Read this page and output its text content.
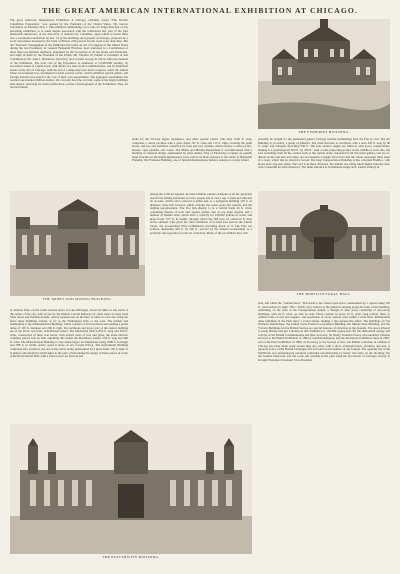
THE GREAT AMERICAN INTERNATIONAL EXHIBITION AT CHICAGO.

The great American International Exhibition at Chicago, officially styled "The World's Columbian Exposition," was opened by the President of the United States, Mr. Grover Cleveland, on Monday, May 1. This immense undertaking, on a scale far larger than that of any preceding exhibition, is to some degree associated with the celebration last year of the four hundredth anniversary of the discovery of America by Columbus, upon which occasion there was a ceremonial dedication on Oct. 12 of the buildings and grounds at Chicago, prepared by a local corporation invested by the State of Illinois with powers for the work to be done here. But the "National" management of the Exhibition lies under an Act of Congress of the United States during the late Presidency of General Benjamin Harrison, been entrusted to a Commission of more than one hundred members, appointed by the Governors of all the States and Territories, and eight of them by the President of the Union. Mr. Thomas W. Palmer is President of this Commission; Mr. John J. Dickinson, Secretary; and Colonel George R. Davis, Director-General of the Exhibition. The total cost of the Exposition is estimated at £3,500,000 sterling, by successive issues of capital stock, with affairs at a later by the Commissioners, and by municipal bonds of the city of Chicago, with the aid of a temporary loan from Congress, while the United States Government has contributed towards several works, which exhibited special grants, and foreign nations have paid for the cost of their own departments. The aggregate expenditure has reached one hundred million dollars. We can only describe, in brief, some of the larger buildings here shown, reserving for future publication a series of photographs of the Exhibition. They are erected mainly

THE FISHERIES BUILDING.
THE MINES AND MINING BUILDING.

tanks for the Victoria Regia, nymphaea, and other aquatic plants. This hall, 1000 ft. long, comprises a centre pavilion with a glass dome 187 ft. wide and 113 ft. high, covering the palm house, and two end pavilions connected by front and rear curtains, which enclose a series of hot-houses, open gardens, and courts. The Mines and Mining Department is accommodated with a building of classical design, surmounted by glass domes. That of Electricity occupies an equally large structure in the Italian Renaissance style, before its main entrance is the statue of Benjamin Franklin. The Fisheries Building, one of Spanish Romanesque fashion, stands on a pretty island

probably be bought for the permanent gallery Chicago intends establishing after the Fair is over. The Art Building is, in reality, a group of galleries. The chief structure is cruciform, with a nave 320 ft. long by 90 ft. wide, and transepts stretching 500 ft. The four exterior angles are filled in with lower constructions, making it a parallelogram 500 ft. by 320 ft., with a wide projecting portico in the middle of each side, the roof extending from all the centres back to the central dome. Separated from this main gallery, and two ft. distant on the east and west sides, are two annexes, brought forward so that the whole represents three sides of a court, which has an attractive facade. The long Transportation Building is like a Roman Basilica, with broad nave and side aisles. The roof is in three divisions, the middle one rising much higher than the side, with a beautiful arcaded clerestory. The main entrance is an immense single arch, treated entirely in

among the artificial lagoons. Its main exhibits contain examples of all the apparatus used in the fishing industries of every people and of every age. Connected with this by arcades, which curve outward at either end, is a polygonal building 136 ft. in diameter, three feet forward, which contains the water pools and aquaria, and the angling paraphernalia. The live fish display is in a central basin 26 ft. wide, containing masses of rock and aquatic plants; also in ten large aquaria and a number of smaller ones, which have a capacity for 140,000 gallons of water, and glass fronts 575 ft. in length, through which the fish may be observed in their native element. This gives the chief exhibition of its kind ever seen in the United States, the Government Fish Commission providing much of it. The Fine Art Gallery, measuring 500 ft. by 320 ft., erected by the Federal Government, is a perfectly safe repository for the art collection. Many of the art exhibits here will

THE HORTICULTURAL HALL.

in Jackson Park, on the south-western shore of Lake Michigan, about six miles to the south of the centre of the city, with access by the Illinois Central Railway, by cable tram-car lines from State Street and Wabash Avenue, and by steam-boats on the lake. A walk on a hot day along the shore these buildings extend, as far as the Washington Park to the west. The loftiest and handsomest is the Administration Building, which consists of four pavilions surrounding a grand dome of 120 ft. diameter and 260 ft. high. The pavilions and lower part of the central building are of the Doric and Ionic architectural orders. The Machinery Hall is 850 ft. long and 500 ft. wide, constructed of three iron naves, with arched roofs of iron and glass, the stone exterior columns, placed side by side, adjoining this stands the Machinery Annex, 550 ft. long and 490 ft. wide. The Manufactures Building is very much larger, its dimensions being 1688 ft. in length and 788 ft. in width, nearly equal to three of our Crystal Palace. The Agricultural Building comprises five pavilions, the one at the centre being surmounted by a glass dome 130 ft. high. It is almost surrounded by small lakes in the park. Overlooking the largest of these pieces of water is the Horticultural Hall, with a front terrace for flowers and

lead, and called the "Golden Door." This leads to the central open space, surmounted by a cupola rising 165 ft., and reached by eight "lifts," which carry visitors to the galleries running along the sides of the building. Adjoining, on the west, is the Transportation Annex, a triangle of nine acres, consisting of one-storey buildings, each 64 ft. wide, set side by side. These contain, in space 16 ft. wide, long railway lines, to exhibit trains of cars and engines, and specimens of every vehicle used within a wide field. Innumerable other buildings in the Park show a varied extent, making a fine perspective effect. The buildings for the Women's Department, the United States Federal Government Building, the Illinois State Building, and the Victoria Buildings for the British Section are special features of attraction in the grounds. The space allotted to Great Britain and her Colonies in this Exhibition is 150,000 square feet. By the methodical energy and activity of the British Commissioners and their secretary, Sir Henry Trueman Wood, who rendered valuable services to the Health Exhibition of 1884 at South Kensington, and the Inventions Exhibition there in 1885, and of the Paris Exhibition of 1889, as Secretary to the Society of Arts, the British collection of exhibits at Chicago has been made ready sooner than any other, with a show of manufactures, products, and arts. A separate notice of the British Catalogue will be found in this number of our Journal. The opening day of the Exhibition was unfortunately rendered somewhat uncomfortable by heavy rain early on the morning; but the weather improved, and the roads and grounds in the park when the procession of carriages arrived. It brought President Cleveland, Vice-President

THE ELECTRICITY BUILDING.
